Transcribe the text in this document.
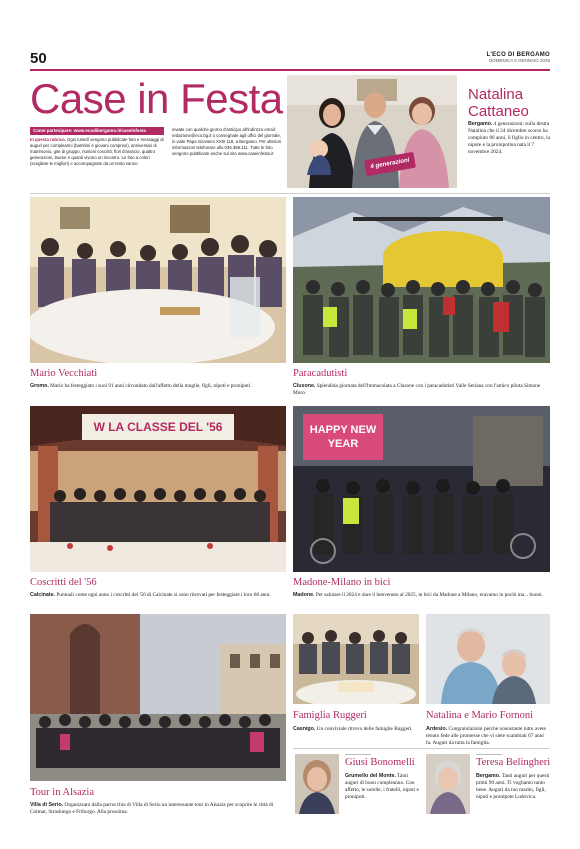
50	L'ECO DI BERGAMO
DOMENICA 5 GENNAIO 2025
Case in Festa
Come partecipare: www.ecodibergamo.it/caseinfesta
In questa rubrica. Ogni lunedì vengono pubblicate foto e messaggi di auguri per compleanni (bambini e giovani compresi), anniversari di matrimonio, gite di gruppo, riunioni coscritti, fiori d'arancio, quattro generazioni, lauree e quanti vivono un incontro. Le foto a colori (scegliete le migliori) e accompagnate da un testo vanno
inviate con qualche giorno d'anticipo all'indirizzo email: redazione@eco.bg.it o consegnate agli uffici del giornale, in viale Papa Giovanni XXIII 118, a Bergamo. Per ulteriori informazioni telefonare allo 035.386.111. Tutte le foto vengono pubblicate anche sul sito www.caseinfesta.it
4 generazioni
Natalina Cattaneo
Bergamo. 4 generazioni: sulla destra Natalina che il 24 dicembre scorso ha compiuto 86 anni, il figlio in centro, la nipote e la pronipotina nata il 7 novembre 2024.
Mario Vecchiati
Gromo. Mario ha festeggiato i suoi 91 anni circondato dall'affetto della moglie, figli, nipoti e pronipoti.
Paracadutisti
Clusone. Splendida giornata dell'Immacolata a Clusone con i paracadutisti Valle Seriana con l'amico pilota Simone Moro.
W LA CLASSE DEL '56	HAPPY NEW YEAR
Coscritti del '56
Calcinate. Puntuali come ogni anno i coscritti del '56 di Calcinate si sono ritrovati per festeggiare i loro 68 anni.
Madone-Milano in bici
Madone. Per salutare il 2024 e dare il benvenuto al 2025, in bici da Madone a Milano, eravamo in pochi ma... buoni.
Famiglia Ruggeri
Casnigo. Un conviviale ritrovo delle famiglie Ruggeri.
Natalina e Mario Fornoni
Ardesio. Congratulazioni perché nonostante tutto avete tenuto fede alle promesse che vi siete scambiati 67 anni fa. Auguri da tutta la famiglia.
Giusi Bonomelli
Grumello del Monte. Tanti auguri di buon compleanno. Con affetto, le sorelle, i fratelli, nipoti e pronipoti.
Teresa Belingheri
Bergamo. Tanti auguri per questi primi 90 anni. Ti vogliamo tanto bene. Auguri da tuo marito, figli, nipoti e pronipote Ludovica.
Tour in Alsazia
Villa di Serio. Organizzato dalla parrocchia di Villa di Serio un interessante tour in Alsazia per scoprire le città di Colmar, Strasburgo e Friburgo. Alla prossima.
